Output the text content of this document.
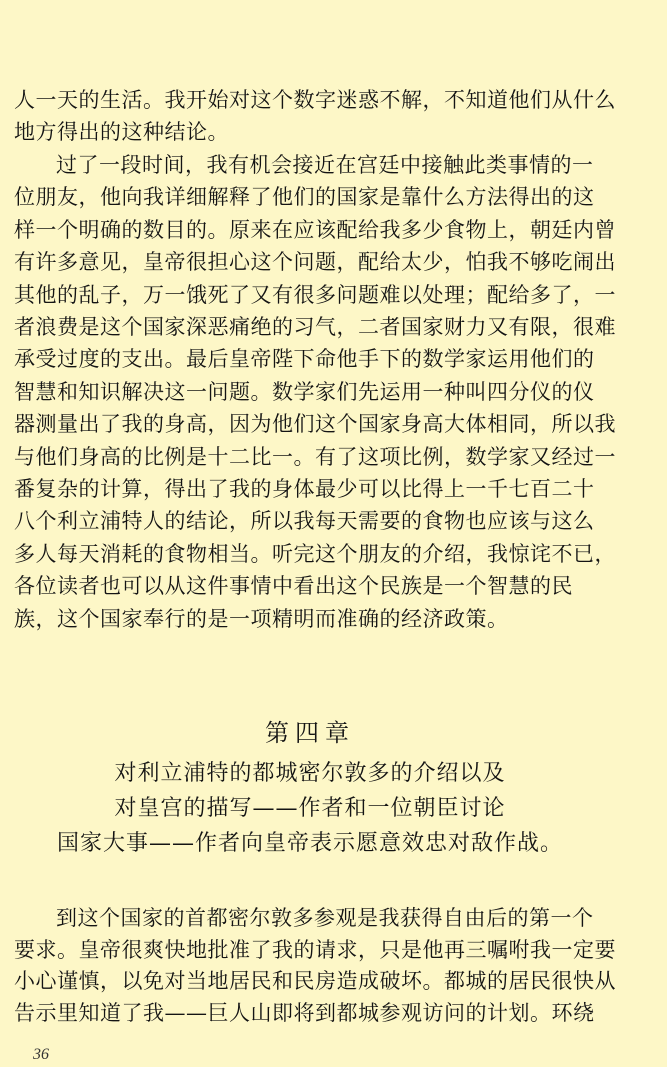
人一天的生活。我开始对这个数字迷惑不解，不知道他们从什么
地方得出的这种结论。
过了一段时间，我有机会接近在宫廷中接触此类事情的一
位朋友，他向我详细解释了他们的国家是靠什么方法得出的这
样一个明确的数目的。原来在应该配给我多少食物上，朝廷内曾
有许多意见，皇帝很担心这个问题，配给太少，怕我不够吃闹出
其他的乱子，万一饿死了又有很多问题难以处理；配给多了，一
者浪费是这个国家深恶痛绝的习气，二者国家财力又有限，很难
承受过度的支出。最后皇帝陛下命他手下的数学家运用他们的
智慧和知识解决这一问题。数学家们先运用一种叫四分仪的仪
器测量出了我的身高，因为他们这个国家身高大体相同，所以我
与他们身高的比例是十二比一。有了这项比例，数学家又经过一
番复杂的计算，得出了我的身体最少可以比得上一千七百二十
八个利立浦特人的结论，所以我每天需要的食物也应该与这么
多人每天消耗的食物相当。听完这个朋友的介绍，我惊诧不已，
各位读者也可以从这件事情中看出这个民族是一个智慧的民
族，这个国家奉行的是一项精明而准确的经济政策。
第四章
对利立浦特的都城密尔敦多的介绍以及
对皇宫的描写——作者和一位朝臣讨论
国家大事——作者向皇帝表示愿意效忠对敌作战。
到这个国家的首都密尔敦多参观是我获得自由后的第一个
要求。皇帝很爽快地批准了我的请求，只是他再三嘱咐我一定要
小心谨慎，以免对当地居民和民房造成破坏。都城的居民很快从
告示里知道了我——巨人山即将到都城参观访问的计划。环绕
36
